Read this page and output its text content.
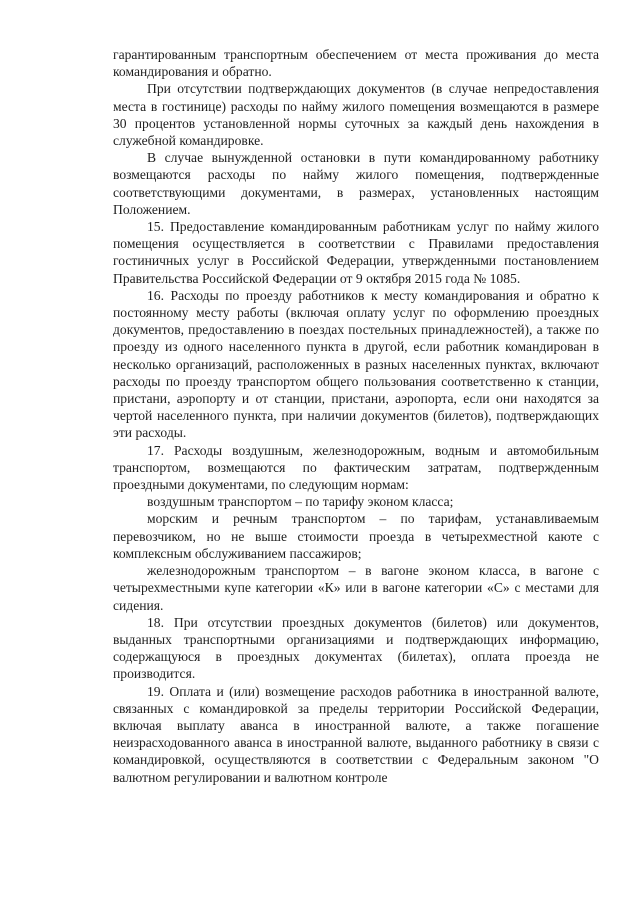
гарантированным транспортным обеспечением от места проживания до места командирования и обратно.

При отсутствии подтверждающих документов (в случае непредоставления места в гостинице) расходы по найму жилого помещения возмещаются в размере 30 процентов установленной нормы суточных за каждый день нахождения в служебной командировке.

В случае вынужденной остановки в пути командированному работнику возмещаются расходы по найму жилого помещения, подтвержденные соответствующими документами, в размерах, установленных настоящим Положением.

15. Предоставление командированным работникам услуг по найму жилого помещения осуществляется в соответствии с Правилами предоставления гостиничных услуг в Российской Федерации, утвержденными постановлением Правительства Российской Федерации от 9 октября 2015 года № 1085.

16. Расходы по проезду работников к месту командирования и обратно к постоянному месту работы (включая оплату услуг по оформлению проездных документов, предоставлению в поездах постельных принадлежностей), а также по проезду из одного населенного пункта в другой, если работник командирован в несколько организаций, расположенных в разных населенных пунктах, включают расходы по проезду транспортом общего пользования соответственно к станции, пристани, аэропорту и от станции, пристани, аэропорта, если они находятся за чертой населенного пункта, при наличии документов (билетов), подтверждающих эти расходы.

17. Расходы воздушным, железнодорожным, водным и автомобильным транспортом, возмещаются по фактическим затратам, подтвержденным проездными документами, по следующим нормам:

воздушным транспортом – по тарифу эконом класса;

морским и речным транспортом – по тарифам, устанавливаемым перевозчиком, но не выше стоимости проезда в четырехместной каюте с комплексным обслуживанием пассажиров;

железнодорожным транспортом – в вагоне эконом класса, в вагоне с четырехместными купе категории «К» или в вагоне категории «С» с местами для сидения.

18. При отсутствии проездных документов (билетов) или документов, выданных транспортными организациями и подтверждающих информацию, содержащуюся в проездных документах (билетах), оплата проезда не производится.

19. Оплата и (или) возмещение расходов работника в иностранной валюте, связанных с командировкой за пределы территории Российской Федерации, включая выплату аванса в иностранной валюте, а также погашение неизрасходованного аванса в иностранной валюте, выданного работнику в связи с командировкой, осуществляются в соответствии с Федеральным законом "О валютном регулировании и валютном контроле
